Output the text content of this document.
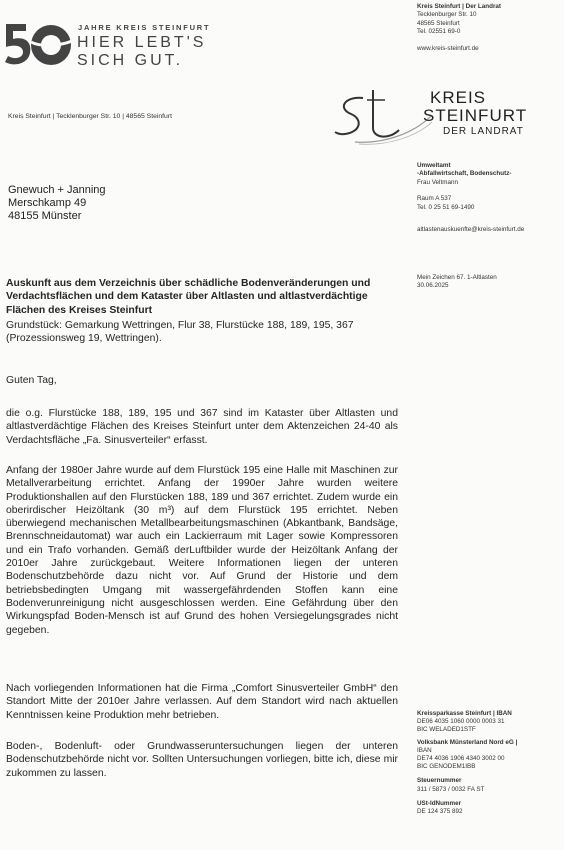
JAHRE KREIS STEINFURT
HIER LEBT'S
SICH GUT.
Kreis Steinfurt | Der Landrat
Tecklenburger Str. 10
48565 Steinfurt
Tel. 02551 69-0
www.kreis-steinfurt.de
KREIS
STEINFURT
DER LANDRAT
Kreis Steinfurt | Tecklenburger Str. 10 | 48565 Steinfurt
Umweltamt
-Abfallwirtschaft, Bodenschutz-
Frau Veltmann
Raum A 537
Tel. 0 25 51 69-1490
altlastenauskuenfte@kreis-steinfurt.de
Mein Zeichen 67. 1-Altlasten
30.06.2025
Gnewuch + Janning
Merschkamp 49
48155 Münster
Auskunft aus dem Verzeichnis über schädliche Bodenveränderungen und Verdachtsflächen und dem Kataster über Altlasten und altlastverdächtige Flächen des Kreises Steinfurt
Grundstück: Gemarkung Wettringen, Flur 38, Flurstücke 188, 189, 195, 367 (Prozessionsweg 19, Wettringen).
Guten Tag,
die o.g. Flurstücke 188, 189, 195 und 367 sind im Kataster über Altlasten und altlastverdächtige Flächen des Kreises Steinfurt unter dem Aktenzeichen 24-40 als Verdachtsfläche „Fa. Sinusverteiler“ erfasst.
Anfang der 1980er Jahre wurde auf dem Flurstück 195 eine Halle mit Maschinen zur Metallverarbeitung errichtet. Anfang der 1990er Jahre wurden weitere Produktionshallen auf den Flurstücken 188, 189 und 367 errichtet. Zudem wurde ein oberirdischer Heizöltank (30 m³) auf dem Flurstück 195 errichtet. Neben überwiegend mechanischen Metallbearbeitungsmaschinen (Abkantbank, Bandsäge, Brennschneidautomat) war auch ein Lackierraum mit Lager sowie Kompressoren und ein Trafo vorhanden. Gemäß derLuftbilder wurde der Heizöltank Anfang der 2010er Jahre zurückgebaut. Weitere Informationen liegen der unteren Bodenschutzbehörde dazu nicht vor. Auf Grund der Historie und dem betriebsbedingten Umgang mit wassergefährdenden Stoffen kann eine Bodenverunreinigung nicht ausgeschlossen werden. Eine Gefährdung über den Wirkungspfad Boden-Mensch ist auf Grund des hohen Versiegelungsgrades nicht gegeben.
Nach vorliegenden Informationen hat die Firma „Comfort Sinusverteiler GmbH“ den Standort Mitte der 2010er Jahre verlassen. Auf dem Standort wird nach aktuellen Kenntnissen keine Produktion mehr betrieben.
Boden-, Bodenluft- oder Grundwasseruntersuchungen liegen der unteren Bodenschutzbehörde nicht vor. Sollten Untersuchungen vorliegen, bitte ich, diese mir zukommen zu lassen.
Kreissparkasse Steinfurt | IBAN
DE06 4035 1060 0000 0003 31
BIC WELADED1STF
Volksbank Münsterland Nord eG |
IBAN
DE74 4036 1906 4340 3002 00
BIC GENODEM1IBB
Steuernummer
311 / 5873 / 0032 FA ST
USt-IdNummer
DE 124 375 892
